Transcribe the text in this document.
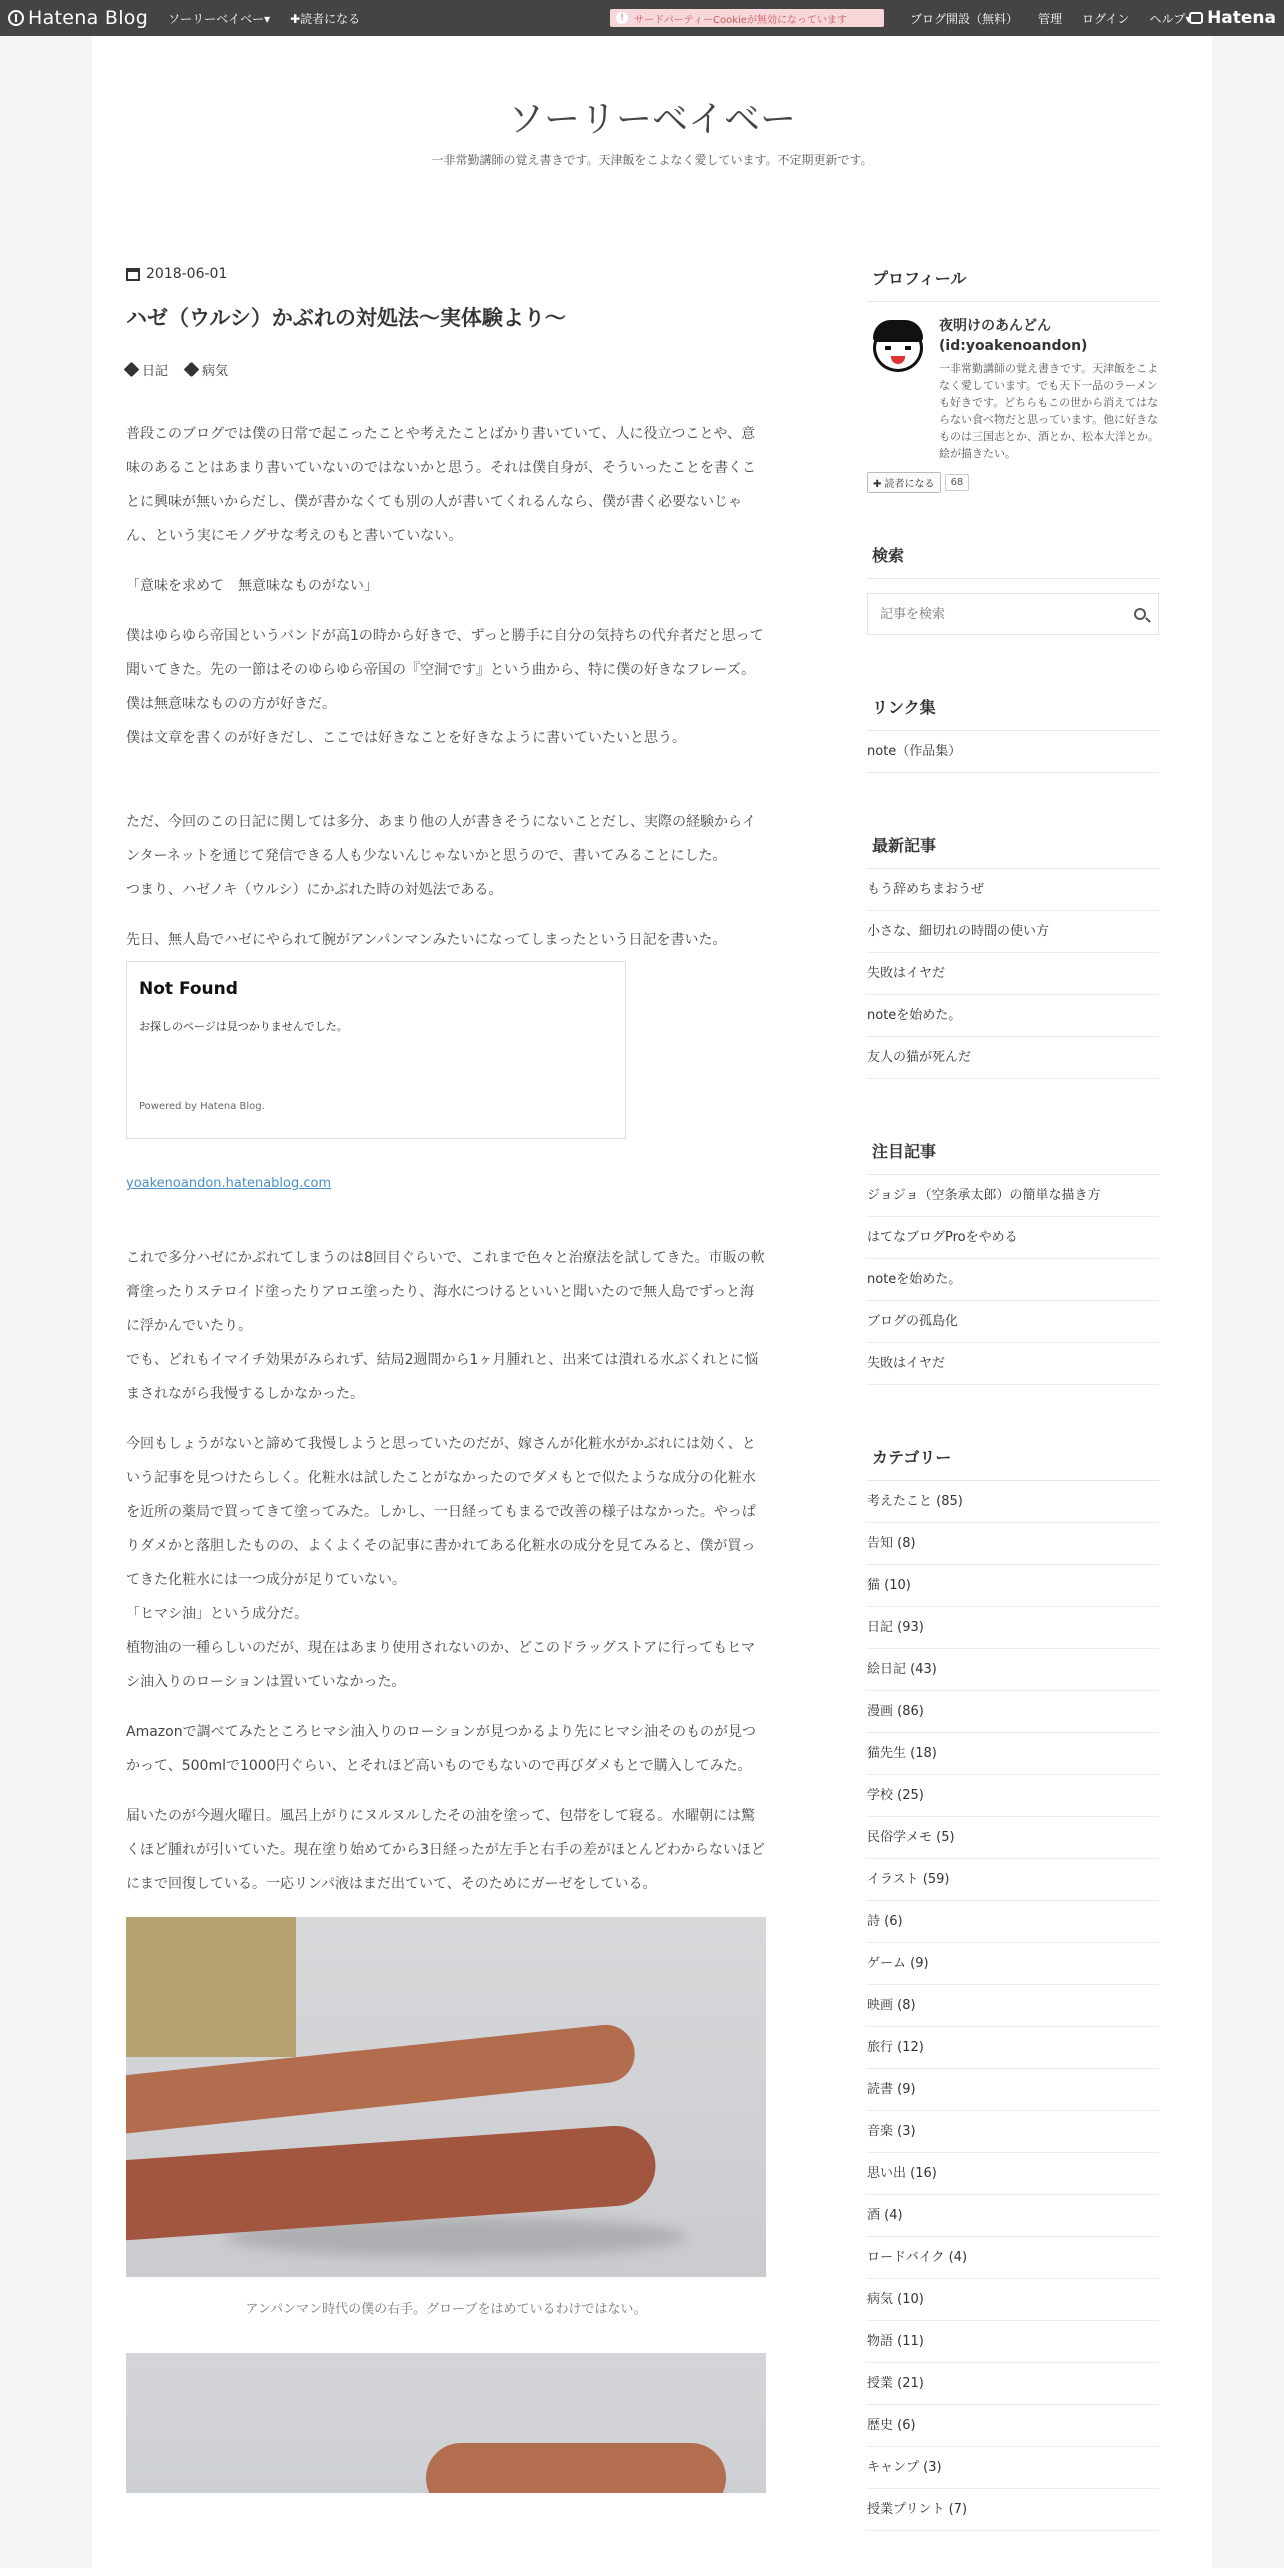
Hatena Blog ソーリーベイベー▾ ✚読者になる	!	サードパーティーCookieが無効になっています	ブログ開設（無料） 管理 ログイン ヘルプ▾ Hatena
ソーリーベイベー
一非常勤講師の覚え書きです。天津飯をこよなく愛しています。不定期更新です。
2018-06-01
ハゼ（ウルシ）かぶれの対処法～実体験より～
日記	病気

普段このブログでは僕の日常で起こったことや考えたことばかり書いていて、人に役立つことや、意味のあることはあまり書いていないのではないかと思う。それは僕自身が、そういったことを書くことに興味が無いからだし、僕が書かなくても別の人が書いてくれるんなら、僕が書く必要ないじゃん、という実にモノグサな考えのもと書いていない。

「意味を求めて　無意味なものがない」

僕はゆらゆら帝国というバンドが高1の時から好きで、ずっと勝手に自分の気持ちの代弁者だと思って聞いてきた。先の一節はそのゆらゆら帝国の『空洞です』という曲から、特に僕の好きなフレーズ。僕は無意味なものの方が好きだ。

僕は文章を書くのが好きだし、ここでは好きなことを好きなように書いていたいと思う。

ただ、今回のこの日記に関しては多分、あまり他の人が書きそうにないことだし、実際の経験からインターネットを通じて発信できる人も少ないんじゃないかと思うので、書いてみることにした。

つまり、ハゼノキ（ウルシ）にかぶれた時の対処法である。

先日、無人島でハゼにやられて腕がアンパンマンみたいになってしまったという日記を書いた。

Not Found
お探しのページは見つかりませんでした。
Powered by Hatena Blog.
yoakenoandon.hatenablog.com

これで多分ハゼにかぶれてしまうのは8回目ぐらいで、これまで色々と治療法を試してきた。市販の軟膏塗ったりステロイド塗ったりアロエ塗ったり、海水につけるといいと聞いたので無人島でずっと海に浮かんでいたり。

でも、どれもイマイチ効果がみられず、結局2週間から1ヶ月腫れと、出来ては潰れる水ぶくれとに悩まされながら我慢するしかなかった。

今回もしょうがないと諦めて我慢しようと思っていたのだが、嫁さんが化粧水がかぶれには効く、という記事を見つけたらしく。化粧水は試したことがなかったのでダメもとで似たような成分の化粧水を近所の薬局で買ってきて塗ってみた。しかし、一日経ってもまるで改善の様子はなかった。やっぱりダメかと落胆したものの、よくよくその記事に書かれてある化粧水の成分を見てみると、僕が買ってきた化粧水には一つ成分が足りていない。

「ヒマシ油」という成分だ。

植物油の一種らしいのだが、現在はあまり使用されないのか、どこのドラッグストアに行ってもヒマシ油入りのローションは置いていなかった。

Amazonで調べてみたところヒマシ油入りのローションが見つかるより先にヒマシ油そのものが見つかって、500mlで1000円ぐらい、とそれほど高いものでもないので再びダメもとで購入してみた。

届いたのが今週火曜日。風呂上がりにヌルヌルしたその油を塗って、包帯をして寝る。水曜朝には驚くほど腫れが引いていた。現在塗り始めてから3日経ったが左手と右手の差がほとんどわからないほどにまで回復している。一応リンパ液はまだ出ていて、そのためにガーゼをしている。

アンパンマン時代の僕の右手。グローブをはめているわけではない。
プロフィール
夜明けのあんどん
(id:yoakenoandon)
一非常勤講師の覚え書きです。天津飯をこよなく愛しています。でも天下一品のラーメンも好きです。どちらもこの世から消えてはならない食べ物だと思っています。他に好きなものは三国志とか、酒とか、松本大洋とか。絵が描きたい。
✚ 読者になる	68
検索
記事を検索
リンク集
note（作品集）
最新記事
もう辞めちまおうぜ
小さな、細切れの時間の使い方
失敗はイヤだ
noteを始めた。
友人の猫が死んだ
注目記事
ジョジョ（空条承太郎）の簡単な描き方
はてなブログProをやめる
noteを始めた。
ブログの孤島化
失敗はイヤだ
カテゴリー
考えたこと (85)
告知 (8)
猫 (10)
日記 (93)
絵日記 (43)
漫画 (86)
猫先生 (18)
学校 (25)
民俗学メモ (5)
イラスト (59)
詩 (6)
ゲーム (9)
映画 (8)
旅行 (12)
読書 (9)
音楽 (3)
思い出 (16)
酒 (4)
ロードバイク (4)
病気 (10)
物語 (11)
授業 (21)
歴史 (6)
キャンプ (3)
授業プリント (7)
